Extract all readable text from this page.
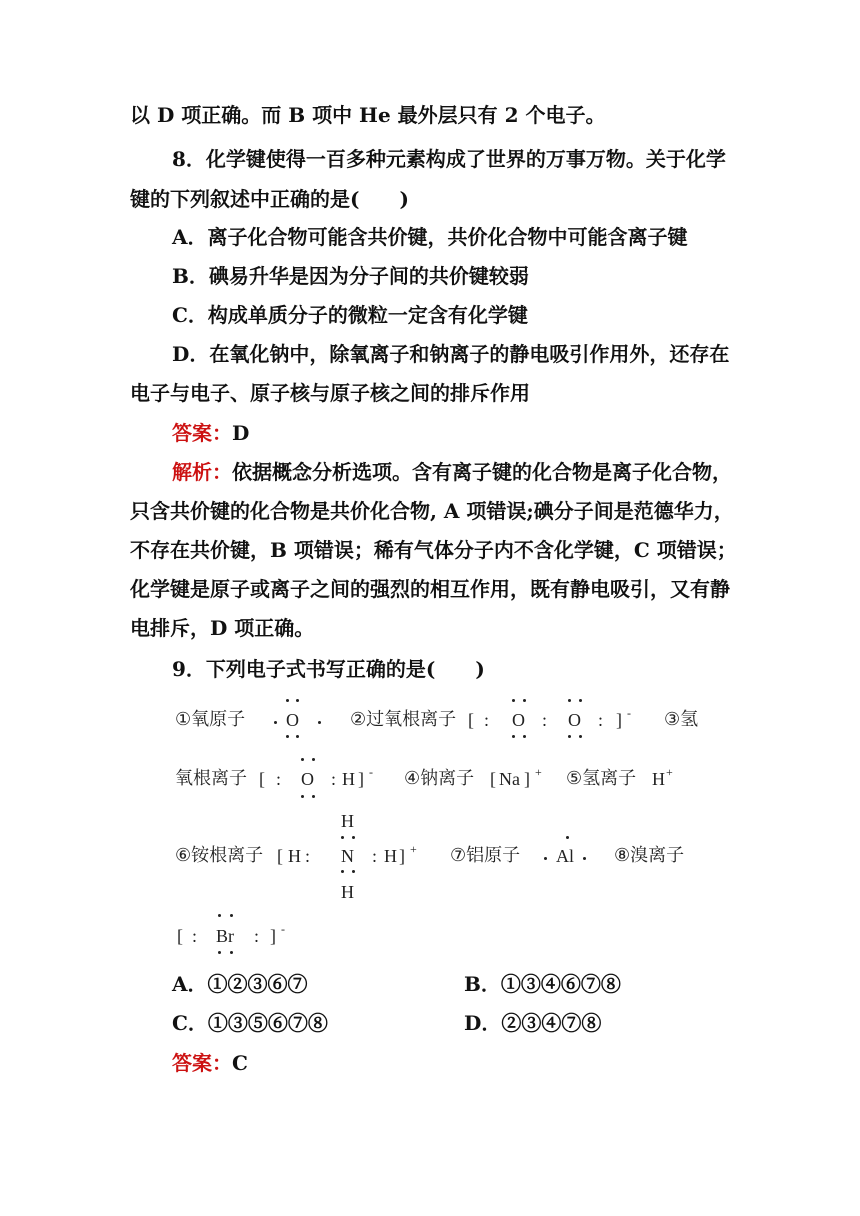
以 D 项正确。而 B 项中 He 最外层只有 2 个电子。
8．化学键使得一百多种元素构成了世界的万事万物。关于化学
键的下列叙述中正确的是(　　)
A．离子化合物可能含共价键，共价化合物中可能含离子键
B．碘易升华是因为分子间的共价键较弱
C．构成单质分子的微粒一定含有化学键
D．在氧化钠中，除氧离子和钠离子的静电吸引作用外，还存在
电子与电子、原子核与原子核之间的排斥作用
答案：D
解析：依据概念分析选项。含有离子键的化合物是离子化合物，
只含共价键的化合物是共价化合物, A 项错误;碘分子间是范德华力，
不存在共价键，B 项错误；稀有气体分子内不含化学键，C 项错误；
化学键是原子或离子之间的强烈的相互作用，既有静电吸引，又有静
电排斥，D 项正确。
9．下列电子式书写正确的是(　　)
①氧原子 O	②过氧根离子 [ : O : O : ] - ③氢
氧根离子 [ : O : H ] - ④钠离子 [ Na ] + ⑤氢离子 H +
H
⑥铵根离子 [ H : N : H ] +
H
⑦铝原子 Al ⑧溴离子
[ : Br : ] -
A．①②③⑥⑦	B．①③④⑥⑦⑧
C．①③⑤⑥⑦⑧	D．②③④⑦⑧
答案：C
